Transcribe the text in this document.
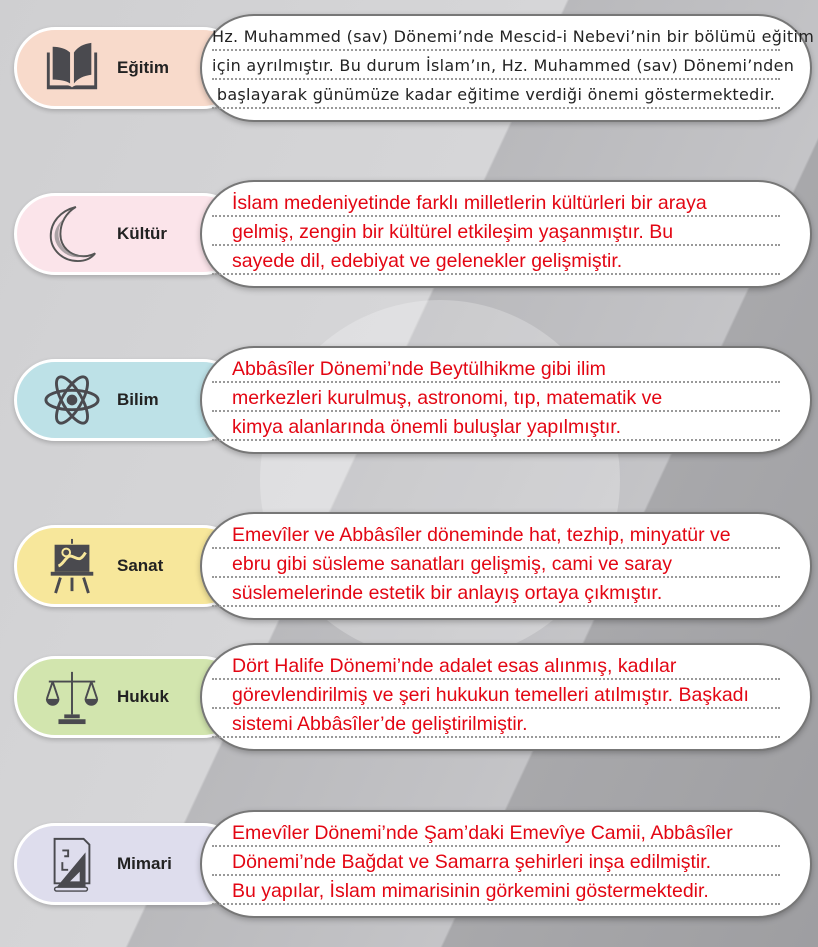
Eğitim
Hz. Muhammed (sav) Dönemi’nde Mescid-i Nebevi’nin bir bölümü eğitim
için ayrılmıştır. Bu durum İslam’ın, Hz. Muhammed (sav) Dönemi’nden
başlayarak günümüze kadar eğitime verdiği önemi göstermektedir.
Kültür
İslam medeniyetinde farklı milletlerin kültürleri bir araya
gelmiş, zengin bir kültürel etkileşim yaşanmıştır. Bu
sayede dil, edebiyat ve gelenekler gelişmiştir.
Bilim
Abbâsîler Dönemi’nde Beytülhikme gibi ilim
merkezleri kurulmuş, astronomi, tıp, matematik ve
kimya alanlarında önemli buluşlar yapılmıştır.
Sanat
Emevîler ve Abbâsîler döneminde hat, tezhip, minyatür ve
ebru gibi süsleme sanatları gelişmiş, cami ve saray
süslemelerinde estetik bir anlayış ortaya çıkmıştır.
Hukuk
Dört Halife Dönemi’nde adalet esas alınmış, kadılar
görevlendirilmiş ve şeri hukukun temelleri atılmıştır. Başkadı
sistemi Abbâsîler’de geliştirilmiştir.
Mimari
Emevîler Dönemi’nde Şam’daki Emevîye Camii, Abbâsîler
Dönemi’nde Bağdat ve Samarra şehirleri inşa edilmiştir.
Bu yapılar, İslam mimarisinin görkemini göstermektedir.
